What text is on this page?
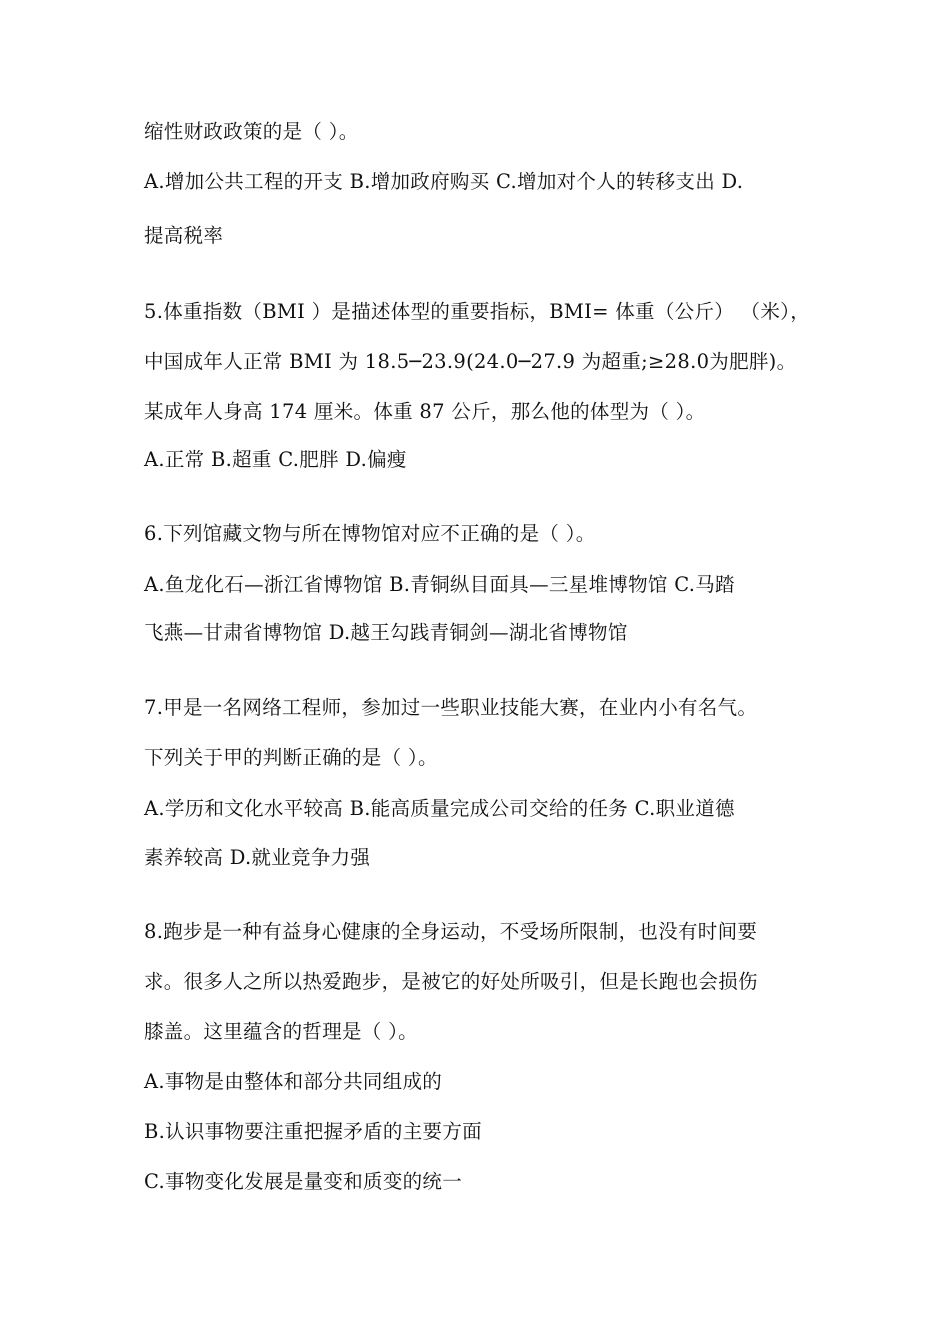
缩性财政政策的是（ ）。
A.增加公共工程的开支 B.增加政府购买 C.增加对个人的转移支出 D.
提高税率
5.体重指数（BMI ）是描述体型的重要指标，BMI= 体重（公斤） （米），
中国成年人正常 BMI 为 18.5─23.9(24.0─27.9 为超重;≥28.0为肥胖)。
某成年人身高 174 厘米。体重 87 公斤，那么他的体型为（ ）。
A.正常 B.超重 C.肥胖 D.偏瘦
6.下列馆藏文物与所在博物馆对应不正确的是（ ）。
A.鱼龙化石—浙江省博物馆 B.青铜纵目面具—三星堆博物馆 C.马踏
飞燕—甘肃省博物馆 D.越王勾践青铜剑—湖北省博物馆
7.甲是一名网络工程师，参加过一些职业技能大赛，在业内小有名气。
下列关于甲的判断正确的是（ ）。
A.学历和文化水平较高 B.能高质量完成公司交给的任务 C.职业道德
素养较高 D.就业竞争力强
8.跑步是一种有益身心健康的全身运动，不受场所限制，也没有时间要
求。很多人之所以热爱跑步，是被它的好处所吸引，但是长跑也会损伤
膝盖。这里蕴含的哲理是（ ）。
A.事物是由整体和部分共同组成的
B.认识事物要注重把握矛盾的主要方面
C.事物变化发展是量变和质变的统一
